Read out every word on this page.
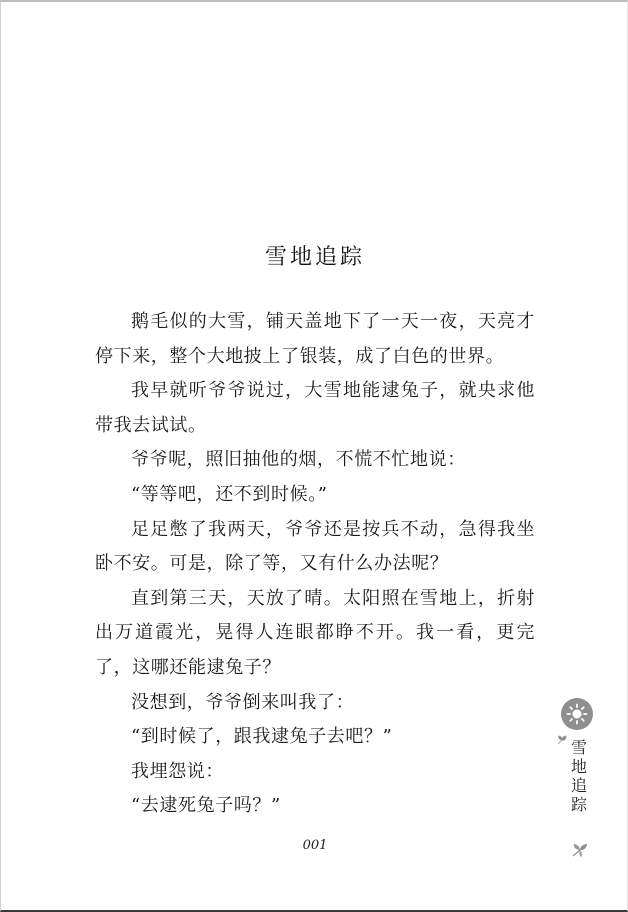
雪地追踪

鹅毛似的大雪，铺天盖地下了一天一夜，天亮才停下来，整个大地披上了银装，成了白色的世界。

我早就听爷爷说过，大雪地能逮兔子，就央求他带我去试试。

爷爷呢，照旧抽他的烟，不慌不忙地说：

“等等吧，还不到时候。”

足足憋了我两天，爷爷还是按兵不动，急得我坐卧不安。可是，除了等，又有什么办法呢？

直到第三天，天放了晴。太阳照在雪地上，折射出万道霞光，晃得人连眼都睁不开。我一看，更完了，这哪还能逮兔子？

没想到，爷爷倒来叫我了：

“到时候了，跟我逮兔子去吧？”

我埋怨说：

“去逮死兔子吗？”

雪
地
追
踪
001
